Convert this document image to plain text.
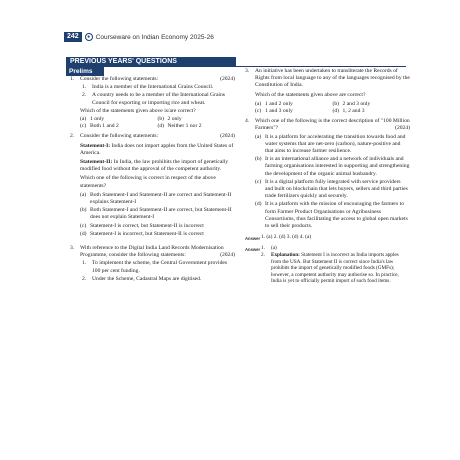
242	● Courseware on Indian Economy 2025-26
PREVIOUS YEARS' QUESTIONS
Prelims
1.	Consider the following statements:	(2024)
1.	India is a member of the International Grains Council.
2.	A country needs to be a member of the International Grains Council for exporting or importing rice and wheat.
Which of the statements given above is/are correct?
(a) 1 only	(b) 2 only
(c) Both 1 and 2	(d) Neither 1 nor 2
2.	Consider the following statements:	(2024)
Statement-I: India does not import apples from the United States of America.
Statement-II: In India, the law prohibits the import of genetically modified food without the approval of the competent authority.
Which one of the following is correct in respect of the above statements?
(a) Both Statement-I and Statement-II are correct and Statement-II explains Statement-I
(b) Both Statement-I and Statement-II are correct, but Statement-II does not explain Statement-I
(c) Statement-I is correct, but Statement-II is incorrect
(d) Statement-I is incorrect, but Statement-II is correct
3.	With reference to the Digital India Land Records Modernisation Programme, consider the following statements:	(2024)
1.	To implement the scheme, the Central Government provides 100 per cent funding.
2.	Under the Scheme, Cadastral Maps are digitised.
3.	An initiative has been undertaken to transliterate the Records of Rights from local language to any of the languages recognised by the Constitution of India.
Which of the statements given above are correct?
(a) 1 and 2 only	(b) 2 and 3 only
(c) 1 and 3 only	(d) 1, 2 and 3
4.	Which one of the following is the correct description of "100 Million Farmers"?	(2024)
(a) It is a platform for accelerating the transition towards food and water systems that are net-zero (carbon), nature-positive and that aims to increase farmer resilience.
(b) It is an international alliance and a network of individuals and farming organisations interested in supporting and strengthening the development of the organic animal husbandry.
(c) It is a digital platform fully integrated with service providers and built on blockchain that lets buyers, sellers and third parties trade fertilizers quickly and securely.
(d) It is a platform with the mission of encouraging the farmers to form Farmer Product Organisations or Agribusiness Consortiums, thus facilitating the access to global open markets to sell their products.
Answer 1. (a) 2. (d) 3. (d) 4. (a)
Answer 1.	(a)
2.	Explanation: Statement I is incorrect as India imports apples from the USA. But Statement II is correct since India's law prohibits the import of genetically modified foods (GMFs); however, a competent authority may authorise so. In practice, India is yet to officially permit import of such food items.
